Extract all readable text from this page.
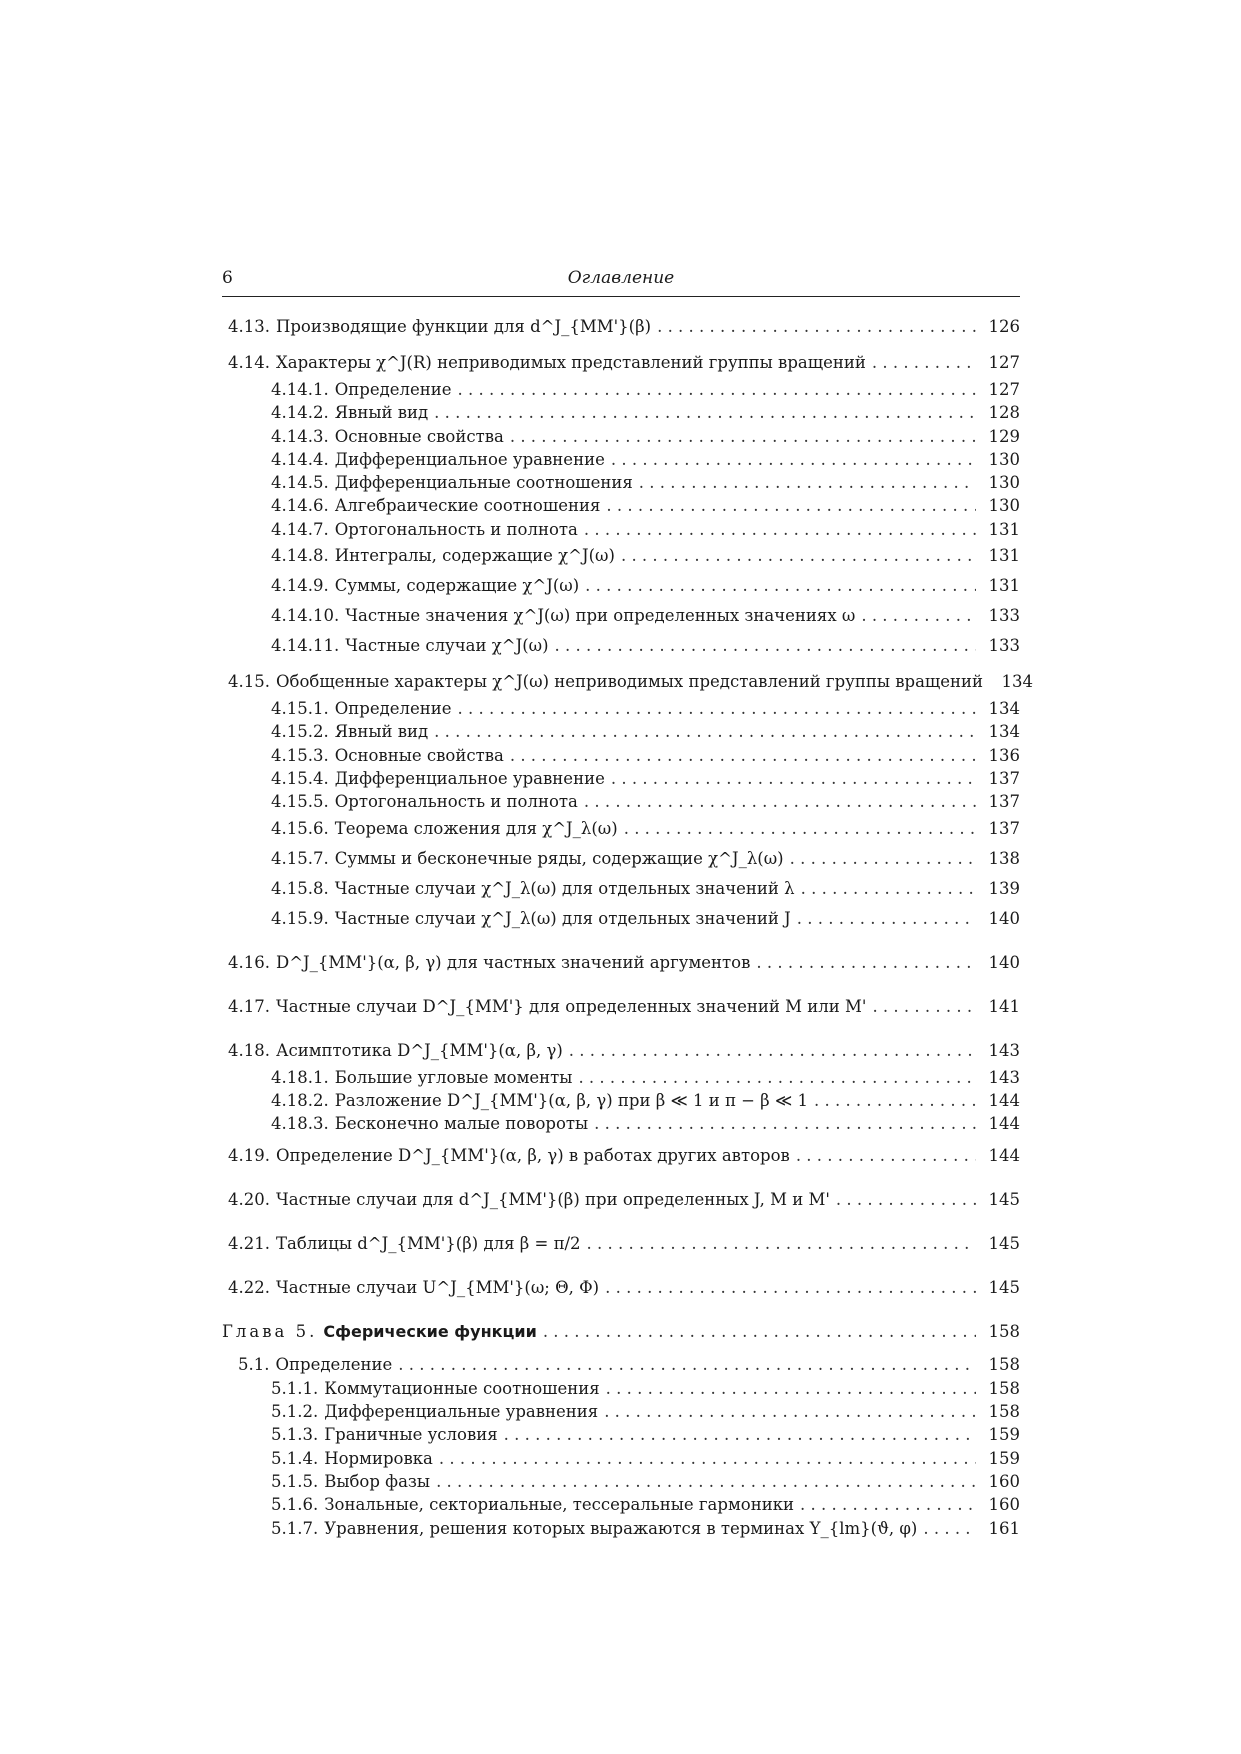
6	Оглавление
4.13. Производящие функции для d^J_{MM'}(β) . . .	126
4.14. Характеры χ^J(R) неприводимых представлений группы вращений . . .	127
4.14.1. Определение . . .	127
4.14.2. Явный вид . . .	128
4.14.3. Основные свойства . . .	129
4.14.4. Дифференциальное уравнение . . .	130
4.14.5. Дифференциальные соотношения . . .	130
4.14.6. Алгебраические соотношения . . .	130
4.14.7. Ортогональность и полнота . . .	131
4.14.8. Интегралы, содержащие χ^J(ω) . . .	131
4.14.9. Суммы, содержащие χ^J(ω) . . .	131
4.14.10. Частные значения χ^J(ω) при определенных значениях ω . . .	133
4.14.11. Частные случаи χ^J(ω) . . .	133
4.15. Обобщенные характеры χ^J(ω) неприводимых представлений группы вращений	134
4.15.1. Определение . . .	134
4.15.2. Явный вид . . .	134
4.15.3. Основные свойства . . .	136
4.15.4. Дифференциальное уравнение . . .	137
4.15.5. Ортогональность и полнота . . .	137
4.15.6. Теорема сложения для χ^J_λ(ω) . . .	137
4.15.7. Суммы и бесконечные ряды, содержащие χ^J_λ(ω) . . .	138
4.15.8. Частные случаи χ^J_λ(ω) для отдельных значений λ . . .	139
4.15.9. Частные случаи χ^J_λ(ω) для отдельных значений J . . .	140
4.16. D^J_{MM'}(α, β, γ) для частных значений аргументов . . .	140
4.17. Частные случаи D^J_{MM'} для определенных значений M или M' . . .	141
4.18. Асимптотика D^J_{MM'}(α, β, γ) . . .	143
4.18.1. Большие угловые моменты . . .	143
4.18.2. Разложение D^J_{MM'}(α, β, γ) при β ≪ 1 и π − β ≪ 1 . . .	144
4.18.3. Бесконечно малые повороты . . .	144
4.19. Определение D^J_{MM'}(α, β, γ) в работах других авторов . . .	144
4.20. Частные случаи для d^J_{MM'}(β) при определенных J, M и M' . . .	145
4.21. Таблицы d^J_{MM'}(β) для β = π/2 . . .	145
4.22. Частные случаи U^J_{MM'}(ω; Θ, Φ) . . .	145
Глава 5. Сферические функции . . .	158
5.1. Определение . . .	158
5.1.1. Коммутационные соотношения . . .	158
5.1.2. Дифференциальные уравнения . . .	158
5.1.3. Граничные условия . . .	159
5.1.4. Нормировка . . .	159
5.1.5. Выбор фазы . . .	160
5.1.6. Зональные, секториальные, тессеральные гармоники . . .	160
5.1.7. Уравнения, решения которых выражаются в терминах Y_{lm}(ϑ, φ) . . .	161
